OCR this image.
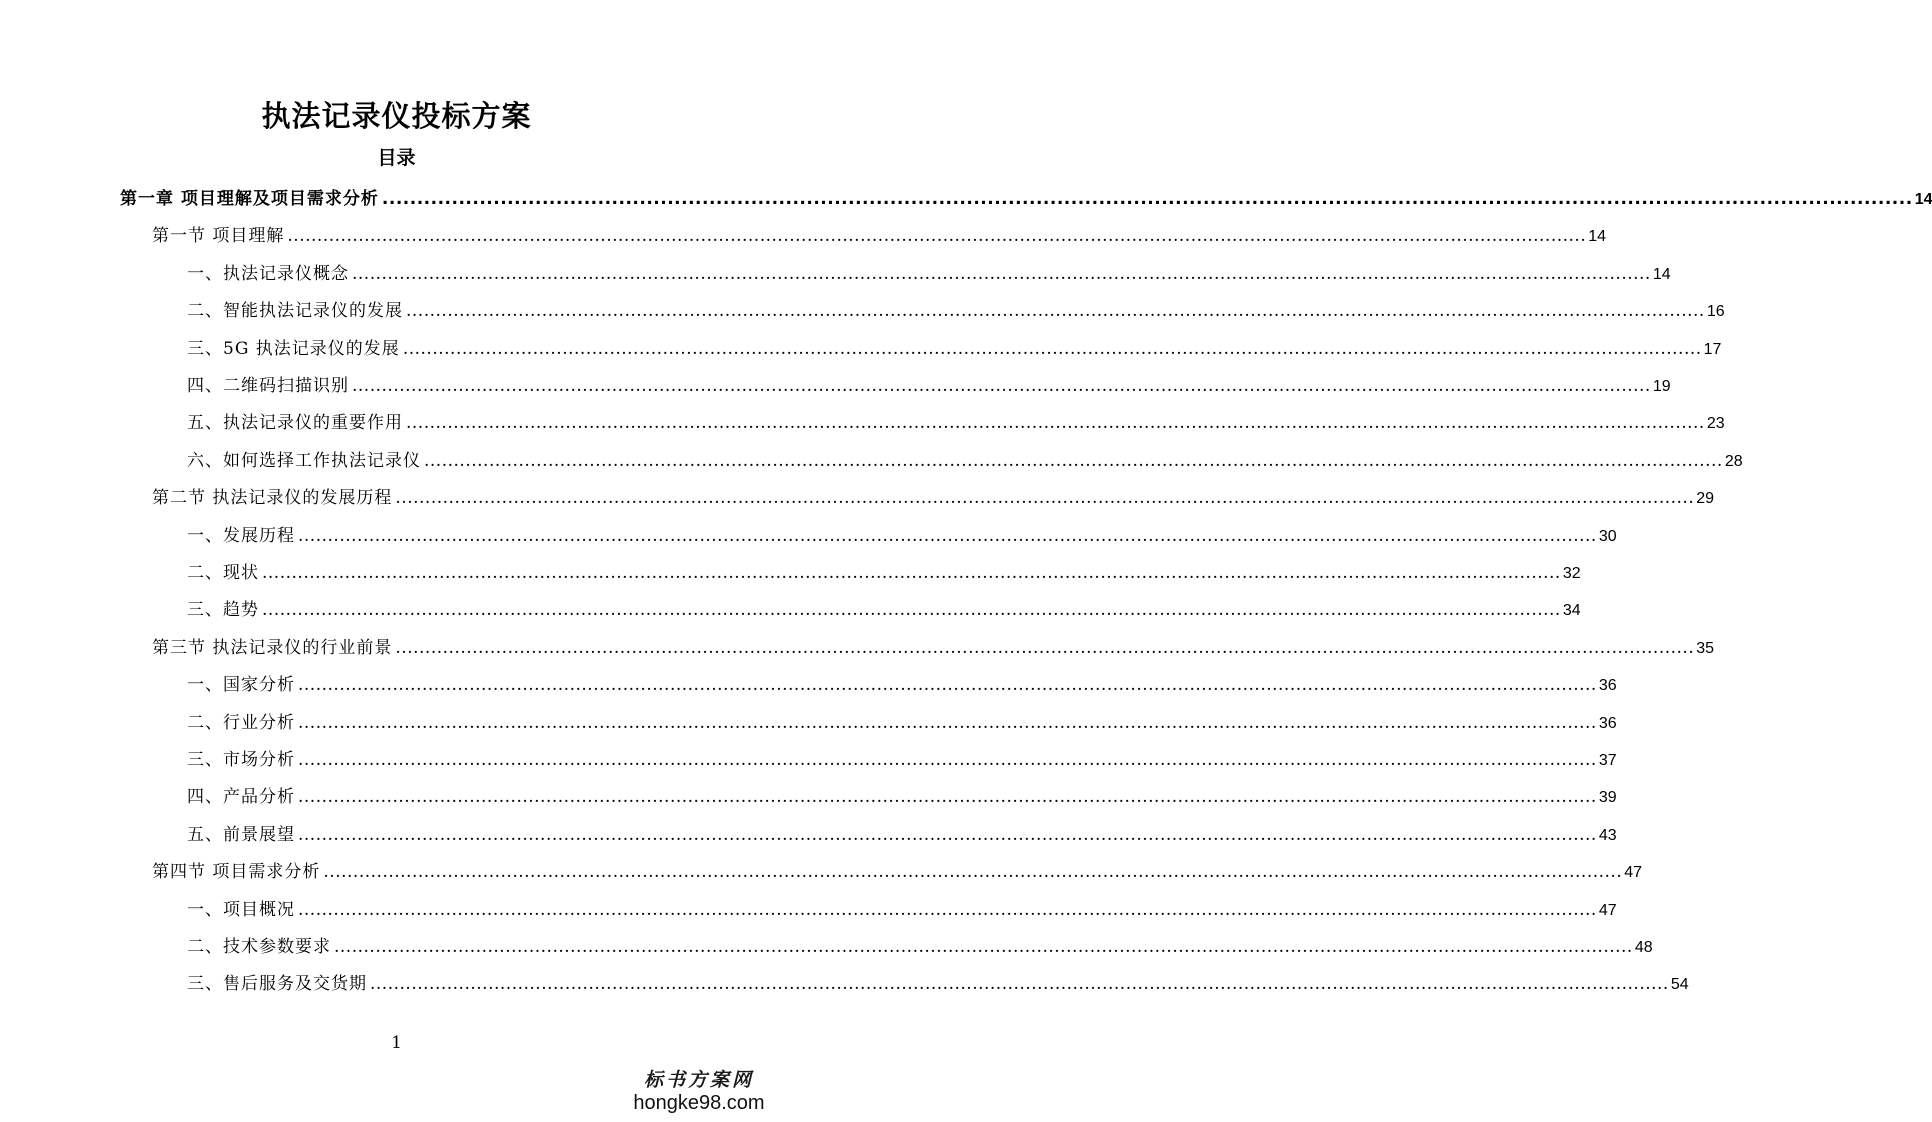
执法记录仪投标方案
目录
第一章 项目理解及项目需求分析 ............................................................................................................................................................................................................................ 14
第一节 项目理解 ............................................................................................................................................................................................................................ 14
一、执法记录仪概念 ............................................................................................................................................................................................................................ 14
二、智能执法记录仪的发展 ............................................................................................................................................................................................................................ 16
三、5G 执法记录仪的发展 ............................................................................................................................................................................................................................ 17
四、二维码扫描识别 ............................................................................................................................................................................................................................ 19
五、执法记录仪的重要作用 ............................................................................................................................................................................................................................ 23
六、如何选择工作执法记录仪 ............................................................................................................................................................................................................................ 28
第二节 执法记录仪的发展历程 ............................................................................................................................................................................................................................ 29
一、发展历程 ............................................................................................................................................................................................................................ 30
二、现状 ............................................................................................................................................................................................................................ 32
三、趋势 ............................................................................................................................................................................................................................ 34
第三节 执法记录仪的行业前景 ............................................................................................................................................................................................................................ 35
一、国家分析 ............................................................................................................................................................................................................................ 36
二、行业分析 ............................................................................................................................................................................................................................ 36
三、市场分析 ............................................................................................................................................................................................................................ 37
四、产品分析 ............................................................................................................................................................................................................................ 39
五、前景展望 ............................................................................................................................................................................................................................ 43
第四节 项目需求分析 ............................................................................................................................................................................................................................ 47
一、项目概况 ............................................................................................................................................................................................................................ 47
二、技术参数要求 ............................................................................................................................................................................................................................ 48
三、售后服务及交货期 ............................................................................................................................................................................................................................ 54
1
标书方案网
hongke98.com
